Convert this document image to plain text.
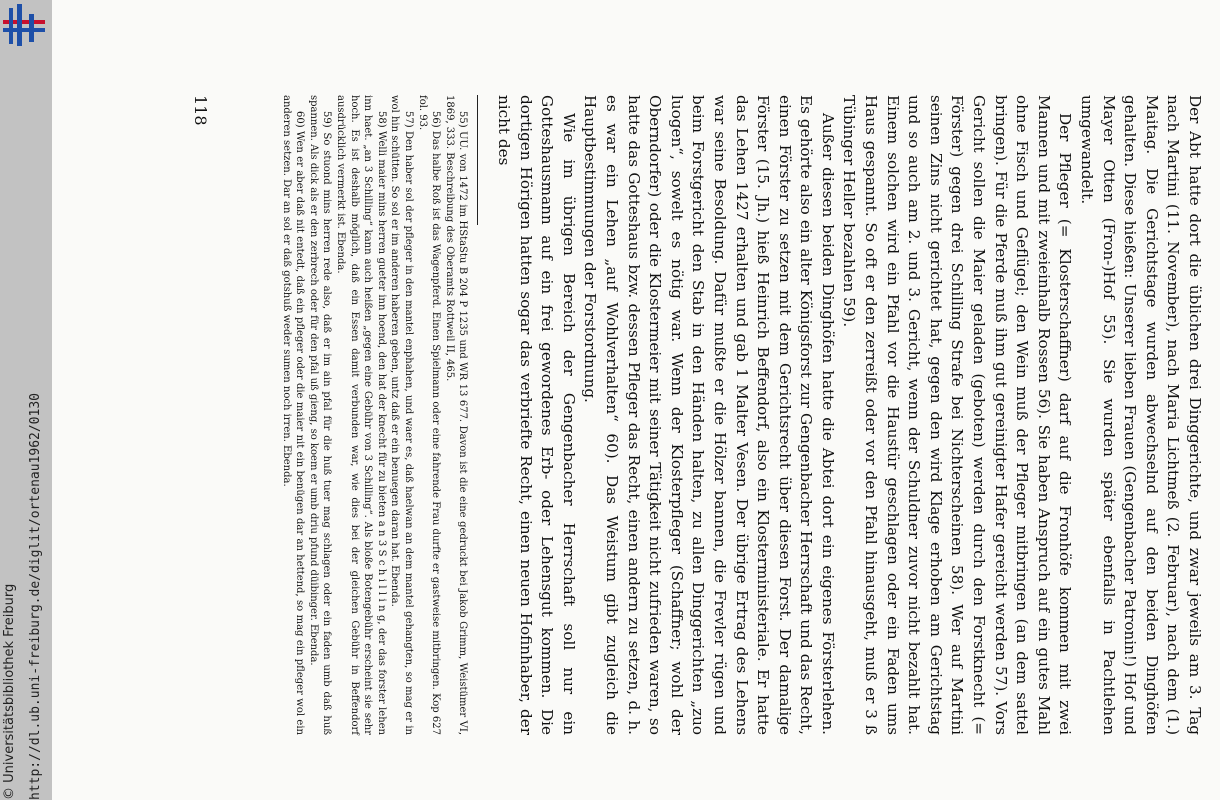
http://dl.ub.uni-freiburg.de/diglit/ortenau1962/0130
© Universitätsbibliothek Freiburg	Der Abt hatte dort die üblichen drei Dinggerichte, und zwar jeweils am 3. Tag nach Martini (11. November), nach Maria Lichtmeß (2. Februar), nach dem (1.) Maitag. Die Gerichtstage wurden abwechselnd auf den beiden Dinghöfen gehalten. Diese hießen: Unserer lieben Frauen (Gengenbacher Patronin!) Hof und Mayer Otten (Fron-)Hof 55). Sie wurden später ebenfalls in Pachtlehen umgewandelt.

Der Pfleger (= Klosterschaffner) darf auf die Fronhöfe kommen mit zwei Mannen und mit zweieinhalb Rossen 56). Sie haben Anspruch auf ein gutes Mahl ohne Fisch und Geflügel; den Wein muß der Pfleger mitbringen (an dem sattel bringen). Für die Pferde muß ihm gut gereinigter Hafer gereicht werden 57). Vors Gericht sollen die Maier geladen (geboten) werden durch den Forstknecht (= Förster) gegen drei Schilling Strafe bei Nichterscheinen 58). Wer auf Martini seinen Zins nicht gerichtet hat, gegen den wird Klage erhoben am Gerichtstag und so auch am 2. und 3. Gericht, wenn der Schuldner zuvor nicht bezahlt hat. Einem solchen wird ein Pfahl vor die Haustür geschlagen oder ein Faden ums Haus gespannt. So oft er den zerreißt oder vor den Pfahl hinausgeht, muß er 3 ß Tübinger Heller bezahlen 59).

Außer diesen beiden Dinghöfen hatte die Abtei dort ein eigenes Försterlehen. Es gehörte also ein alter Königsforst zur Gengenbacher Herrschaft und das Recht, einen Förster zu setzen mit dem Gerichtsrecht über diesen Forst. Der damalige Förster (15. Jh.) hieß Heinrich Beffendorf, also ein Klosterministeriale. Er hatte das Lehen 1427 erhalten und gab 1 Malter Vesen. Der übrige Ertrag des Lehens war seine Besoldung. Dafür mußte er die Hölzer bannen, die Frevler rügen und beim Forstgericht den Stab in den Händen halten, zu allen Dinggerichten „zuo luogen“, sowelt es nötig war. Wenn der Klosterpfleger (Schaffner; wohl der Oberndorfer) oder die Klostermeier mit seiner Tätigkeit nicht zufrieden waren, so hatte das Gotteshaus bzw. dessen Pfleger das Recht, einen andern zu setzen, d. h. es war ein Lehen „auf Wohlverhalten“ 60). Das Weistum gibt zugleich die Hauptbestimmungen der Forstordnung.

Wie im übrigen Bereich der Gengenbacher Herrschaft soll nur ein Gotteshausmann auf ein frei gewordenes Erb- oder Lehensgut kommen. Die dortigen Hörigen hatten sogar das verbriefte Recht, einen neuen Hofinhaber, der nicht des

55) UU. von 1472 im HStaStu B 204 P 1235 und WR 13 677. Davon ist die eine gedruckt bei Jakob Grimm, Weistümer VI, 1869, 333. Beschreibung des Oberamts Rottweil II, 465.

56) Das halbe Roß ist das Wagenpferd. Einen Spielmann oder eine fahrende Frau durfte er gastweise mitbringen. Kop 627 fol. 93.

57) Den haber sol der pfleger in den mantel enphahen, und waer es, daß haelwan an dem mantel gehangten, so mag er in wol hin schütten. So sol er im anderen haberen geben, untz daß er ein benuegen daran hat. Ebenda.

58) Welli maier mins herren gueter inn hoend, den hat der knecht für zu bieten a n 3 S c h i l l i n g, der das forster lehen inn haet. „an 3 Schilling“ kann auch heißen „gegen eine Gebühr von 3 Schilling“. Als bloße Botengebühr erscheint sie sehr hoch. Es ist deshalb möglich, daß ein Essen damit verbunden war, wie dies bei der gleichen Gebühr in Beffendorf ausdrücklich vermerkt ist. Ebenda.

59) So stuond mins herren rede also, daß er im ain pfal für die huß tuer mag schlagen oder ein faden umb daß huß spannen. Als dick als er den zerbrech oder für den pfal uß gieng, so koem er umb driu pfund düibinger. Ebenda.

60) Wen er aber daß nit entedt, daß ein pfleger oder die maier nit ein benügen dar an hettend, so mag ein pfleger wol ein anderen setzen. Dar an sol er daß gotshuß weder sumen noch irren. Ebenda.

118
